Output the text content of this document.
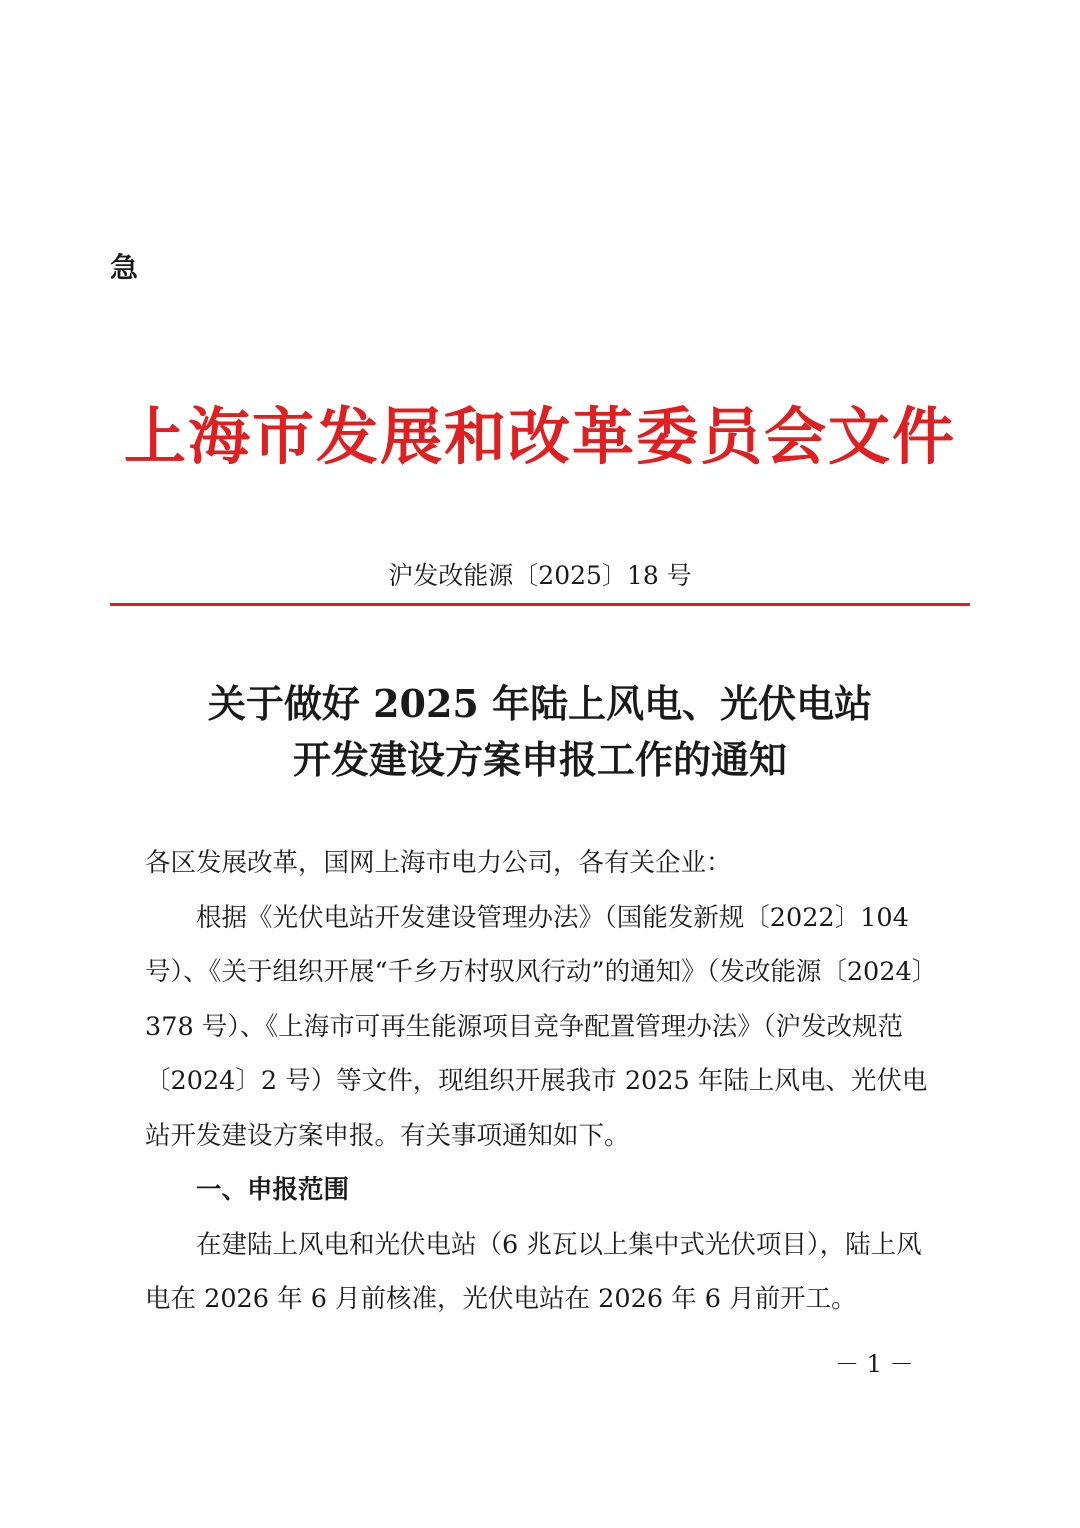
急
上海市发展和改革委员会文件
沪发改能源〔2025〕18 号
关于做好 2025 年陆上风电、光伏电站
开发建设方案申报工作的通知

各区发展改革，国网上海市电力公司，各有关企业：

根据《光伏电站开发建设管理办法》（国能发新规〔2022〕104 号）、《关于组织开展“千乡万村驭风行动”的通知》（发改能源〔2024〕378 号）、《上海市可再生能源项目竞争配置管理办法》（沪发改规范〔2024〕2 号）等文件，现组织开展我市 2025 年陆上风电、光伏电站开发建设方案申报。有关事项通知如下。

一、申报范围

在建陆上风电和光伏电站（6 兆瓦以上集中式光伏项目），陆上风电在 2026 年 6 月前核准，光伏电站在 2026 年 6 月前开工。

－ 1 －
